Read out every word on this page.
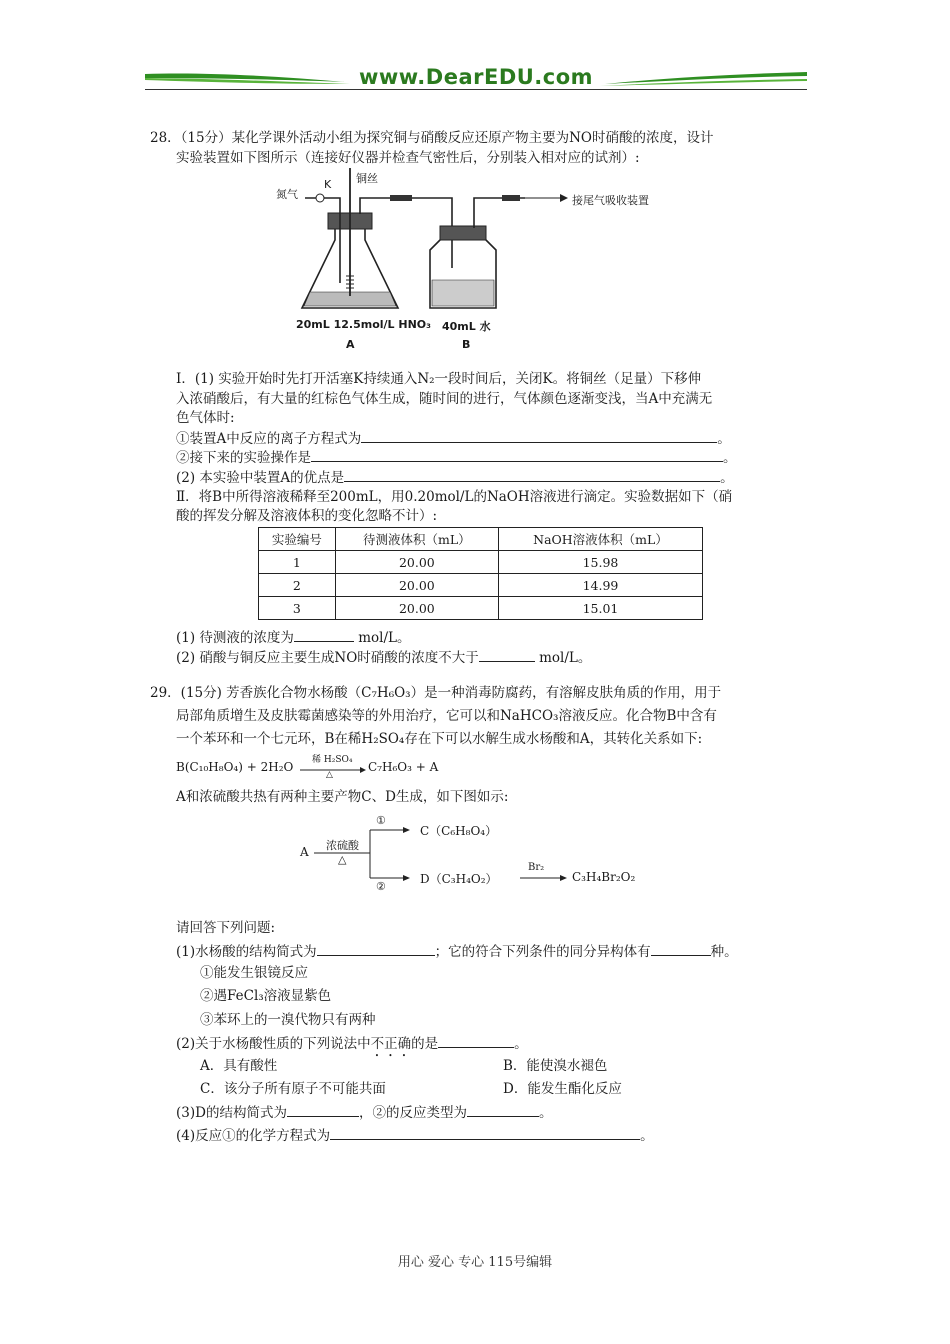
www.DearEDU.com
28．（15分）某化学课外活动小组为探究铜与硝酸反应还原产物主要为NO时硝酸的浓度，设计
实验装置如下图所示（连接好仪器并检查气密性后，分别装入相对应的试剂）:
氮气
K 铜丝
接尾气吸收装置
20mL 12.5mol/L HNO₃ 40mL 水
A	B
Ⅰ．(1) 实验开始时先打开活塞K持续通入N₂一段时间后，关闭K。将铜丝（足量）下移伸
入浓硝酸后，有大量的红棕色气体生成，随时间的进行，气体颜色逐渐变浅，当A中充满无
色气体时:
①装置A中反应的离子方程式为	。
②接下来的实验操作是	。
(2) 本实验中装置A的优点是	。
Ⅱ．将B中所得溶液稀释至200mL，用0.20mol/L的NaOH溶液进行滴定。实验数据如下（硝
酸的挥发分解及溶液体积的变化忽略不计）:
实验编号	待测液体积（mL）	NaOH溶液体积（mL）
1	20.00	15.98
2	20.00	14.99
3	20.00	15.01
(1) 待测液的浓度为	mol/L。
(2) 硝酸与铜反应主要生成NO时硝酸的浓度不大于	mol/L。
29．(15分) 芳香族化合物水杨酸（C₇H₆O₃）是一种消毒防腐药，有溶解皮肤角质的作用，用于
局部角质增生及皮肤霉菌感染等的外用治疗，它可以和NaHCO₃溶液反应。化合物B中含有
一个苯环和一个七元环，B在稀H₂SO₄存在下可以水解生成水杨酸和A，其转化关系如下:
B(C₁₀H₈O₄) + 2H₂O 稀 H₂SO₄
△
C₇H₆O₃ + A
A和浓硫酸共热有两种主要产物C、D生成，如下图如示:
A 浓硫酸
△
①
②
C（C₆H₈O₄）
D（C₃H₄O₂）
Br₂
C₃H₄Br₂O₂
请回答下列问题:
(1)水杨酸的结构简式为	；它的符合下列条件的同分异构体有	种。
①能发生银镜反应
②遇FeCl₃溶液显紫色
③苯环上的一溴代物只有两种
(2)关于水杨酸性质的下列说法中不正确的是	。
A．具有酸性	B．能使溴水褪色
C．该分子所有原子不可能共面	D．能发生酯化反应
(3)D的结构简式为	，②的反应类型为	。
(4)反应①的化学方程式为	。
用心 爱心 专心 115号编辑
